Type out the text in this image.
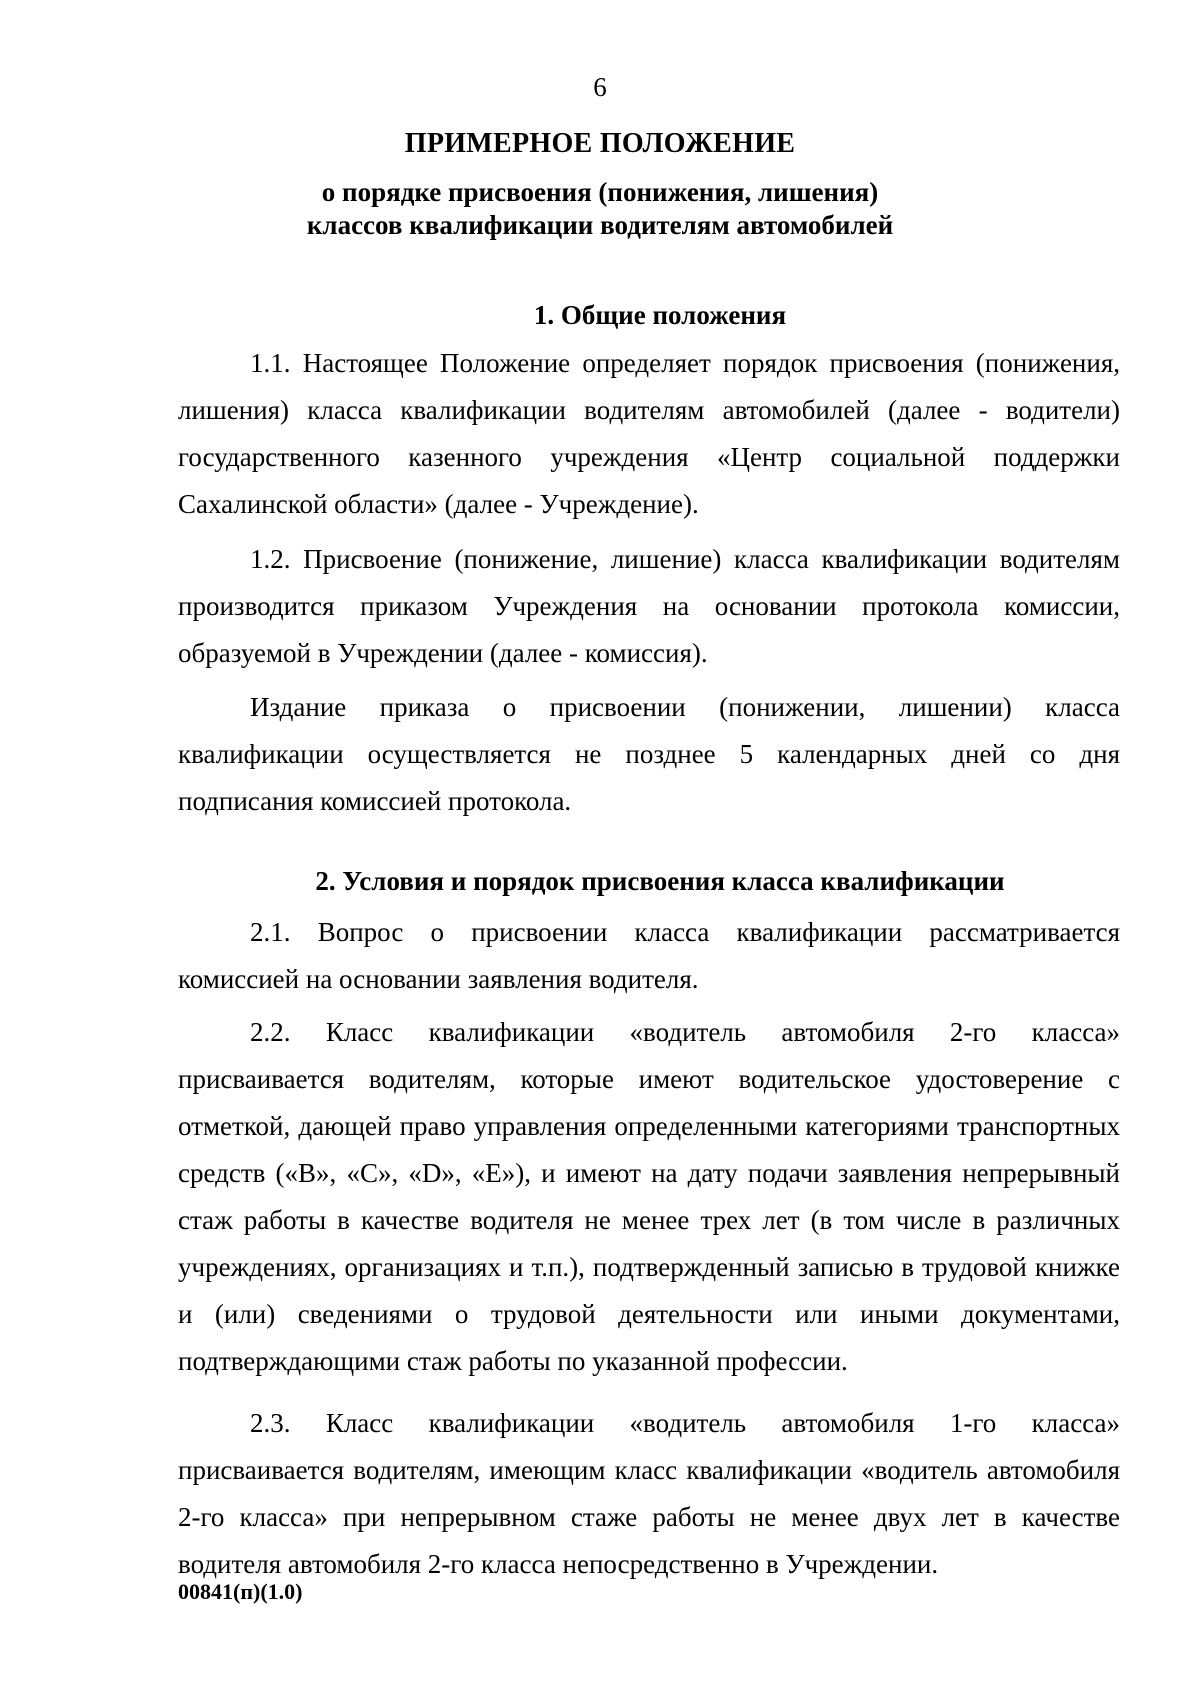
6
ПРИМЕРНОЕ ПОЛОЖЕНИЕ
о порядке присвоения (понижения, лишения)
классов квалификации водителям автомобилей
1. Общие положения

1.1. Настоящее Положение определяет порядок присвоения (понижения, лишения) класса квалификации водителям автомобилей (далее - водители) государственного казенного учреждения «Центр социальной поддержки Сахалинской области» (далее - Учреждение).

1.2. Присвоение (понижение, лишение) класса квалификации водителям производится приказом Учреждения на основании протокола комиссии, образуемой в Учреждении (далее - комиссия).

Издание приказа о присвоении (понижении, лишении) класса квалификации осуществляется не позднее 5 календарных дней со дня подписания комиссией протокола.

2. Условия и порядок присвоения класса квалификации

2.1. Вопрос о присвоении класса квалификации рассматривается комиссией на основании заявления водителя.

2.2. Класс квалификации «водитель автомобиля 2-го класса» присваивается водителям, которые имеют водительское удостоверение с отметкой, дающей право управления определенными категориями транспортных средств («В», «С», «D», «Е»), и имеют на дату подачи заявления непрерывный стаж работы в качестве водителя не менее трех лет (в том числе в различных учреждениях, организациях и т.п.), подтвержденный записью в трудовой книжке и (или) сведениями о трудовой деятельности или иными документами, подтверждающими стаж работы по указанной профессии.

2.3. Класс квалификации «водитель автомобиля 1-го класса» присваивается водителям, имеющим класс квалификации «водитель автомобиля 2-го класса» при непрерывном стаже работы не менее двух лет в качестве водителя автомобиля 2-го класса непосредственно в Учреждении.

00841(п)(1.0)
